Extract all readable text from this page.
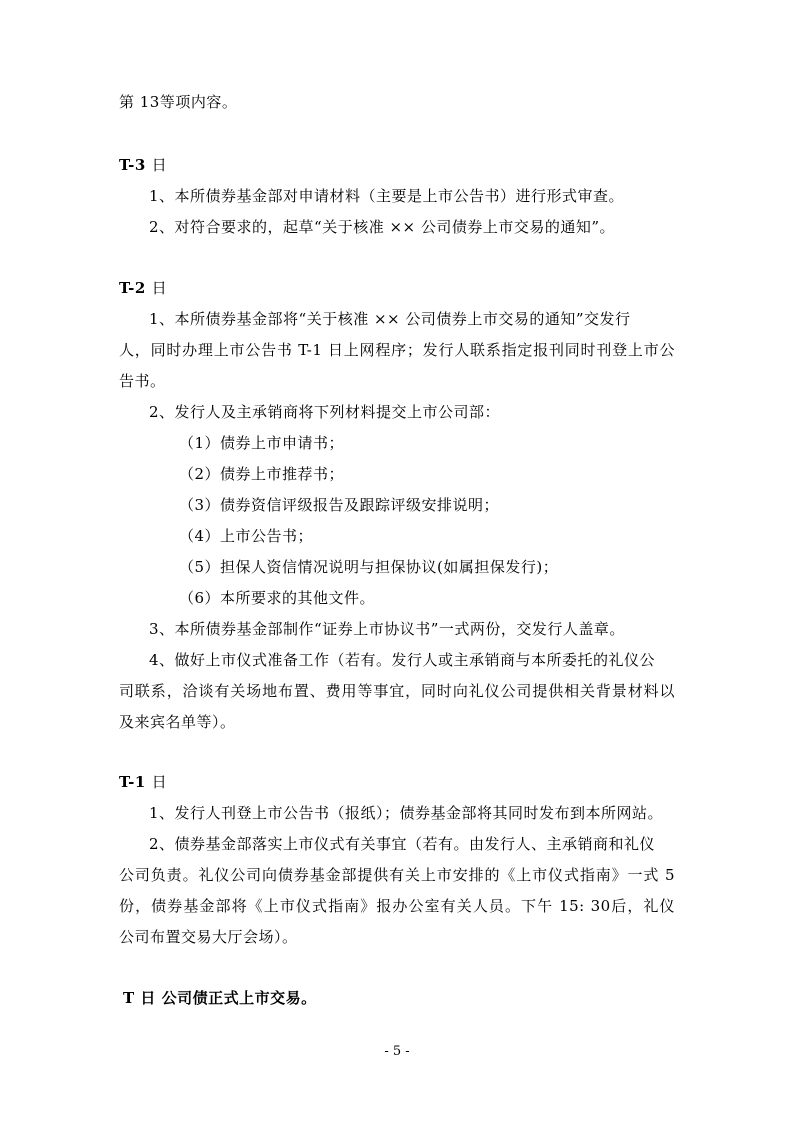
第 13等项内容。
T-3 日
1、本所债券基金部对申请材料（主要是上市公告书）进行形式审查。
2、对符合要求的，起草“关于核准 ×× 公司债券上市交易的通知”。
T-2 日
1、本所债券基金部将“关于核准 ×× 公司债券上市交易的通知”交发行
人，同时办理上市公告书 T-1 日上网程序；发行人联系指定报刊同时刊登上市公
告书。
2、发行人及主承销商将下列材料提交上市公司部：
（1）债券上市申请书；
（2）债券上市推荐书；
（3）债券资信评级报告及跟踪评级安排说明；
（4）上市公告书；
（5）担保人资信情况说明与担保协议(如属担保发行)；
（6）本所要求的其他文件。
3、本所债券基金部制作“证券上市协议书”一式两份，交发行人盖章。
4、做好上市仪式准备工作（若有。发行人或主承销商与本所委托的礼仪公
司联系，洽谈有关场地布置、费用等事宜，同时向礼仪公司提供相关背景材料以
及来宾名单等）。
T-1 日
1、发行人刊登上市公告书（报纸）；债券基金部将其同时发布到本所网站。
2、债券基金部落实上市仪式有关事宜（若有。由发行人、主承销商和礼仪
公司负责。礼仪公司向债券基金部提供有关上市安排的《上市仪式指南》一式 5
份，债券基金部将《上市仪式指南》报办公室有关人员。下午 15: 30后，礼仪
公司布置交易大厅会场）。
T 日 公司债正式上市交易。
- 5 -
